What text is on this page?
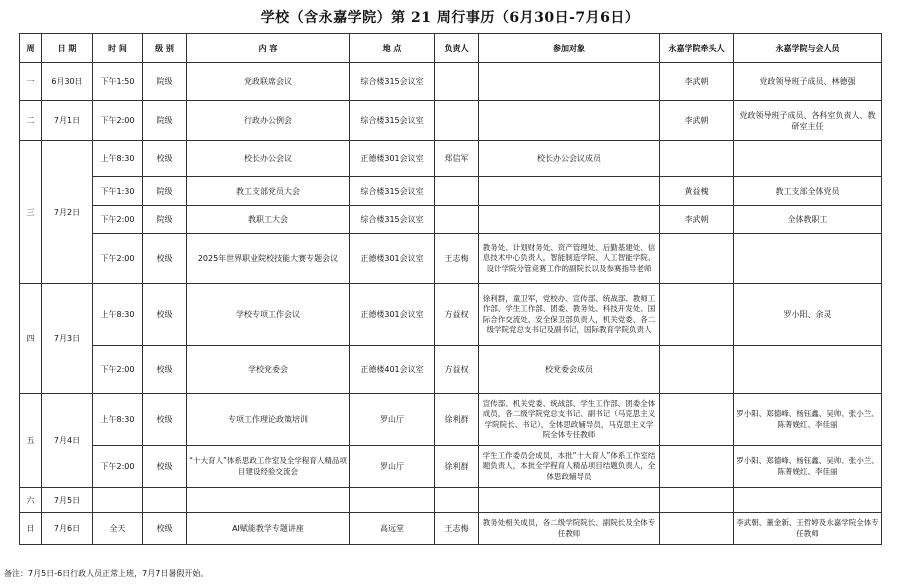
学校（含永嘉学院）第 21 周行事历（6月30日-7月6日）
周	日 期	时 间	级 别	内 容	地 点	负责人	参加对象	永嘉学院牵头人	永嘉学院与会人员
一	6月30日	下午1:50	院级	党政联席会议	综合楼315会议室			李武朝	党政领导班子成员、林德强
二	7月1日	下午2:00	院级	行政办公例会	综合楼315会议室			李武朝	党政领导班子成员、各科室负责人、教研室主任
三	7月2日	上午8:30	校级	校长办公会议	正德楼301会议室	郑信军	校长办公会议成员		
		下午1:30	院级	教工支部党员大会	综合楼315会议室			黄益槐	教工支部全体党员
		下午2:00	院级	教职工大会	综合楼315会议室			李武朝	全体教职工
		下午2:00	校级	2025年世界职业院校技能大赛专题会议	正德楼301会议室	王志梅	教务处、计划财务处、资产管理处、后勤基建处、信息技术中心负责人，智能制造学院、人工智能学院、设计学院分管竞赛工作的副院长以及参赛指导老师		
四	7月3日	上午8:30	校级	学校专项工作会议	正德楼301会议室	方益权	徐利群，童卫军，党校办、宣传部、统战部、教师工作部、学生工作部、团委、教务处、科技开发处、国际合作交流处、安全保卫部负责人，机关党委、各二级学院党总支书记及副书记，国际教育学院负责人		罗小阳、余灵
		下午2:00	校级	学校党委会	正德楼401会议室	方益权	校党委会成员		
五	7月4日	上午8:30	校级	专项工作理论政策培训	罗山厅	徐利群	宣传部、机关党委、统战部、学生工作部、团委全体成员，各二级学院党总支书记、副书记（马克思主义学院院长、书记），全体思政辅导员，马克思主义学院全体专任教师		罗小阳、郑德峰、杨钰鑫、吴帅、张小兰、陈菁娩红、李佳丽
		下午2:00	校级	“十大育人”体系思政工作室及全学程育人精品项目建设经验交流会	罗山厅	徐利群	学生工作委员会成员，本批“十大育人”体系工作室结题负责人，本批全学程育人精品项目结题负责人，全体思政辅导员		罗小阳、郑德峰、杨钰鑫、吴帅、张小兰、陈菁娩红、李佳丽
六	7月5日								
日	7月6日	全天	校级	AI赋能教学专题讲座	高远堂	王志梅	教务处相关成员，各二级学院院长、副院长及全体专任教师		李武朝、董金新、王哲婷及永嘉学院全体专任教师
备注：7月5日-6日行政人员正常上班，7月7日暑假开始。
